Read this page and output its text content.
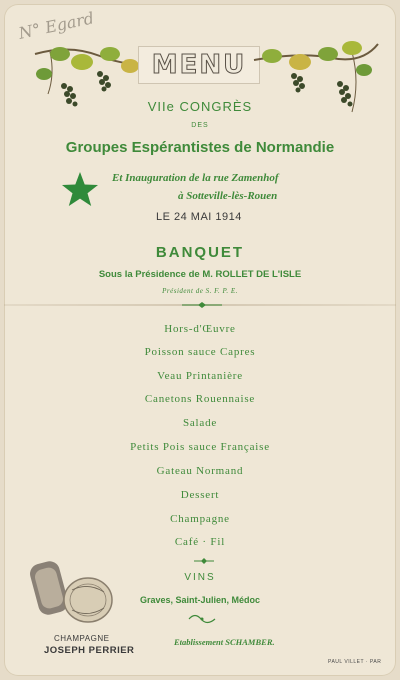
N° Egard
MENU
VIIe CONGRÈS
DES
Groupes Espérantistes de Normandie
Et Inauguration de la rue Zamenhof
à Sotteville-lès-Rouen
LE 24 MAI 1914
BANQUET
Sous la Présidence de M. ROLLET DE L'ISLE
Président de S. F. P. E.
Hors-d'Œuvre
Poisson sauce Capres
Veau Printanière
Canetons Rouennaise
Salade
Petits Pois sauce Française
Gateau Normand
Dessert
Champagne
Café · Fil
VINS
Graves, Saint-Julien, Médoc
Etablissement SCHAMBER.
CHAMPAGNE
JOSEPH PERRIER
PAUL VILLET · PAR
